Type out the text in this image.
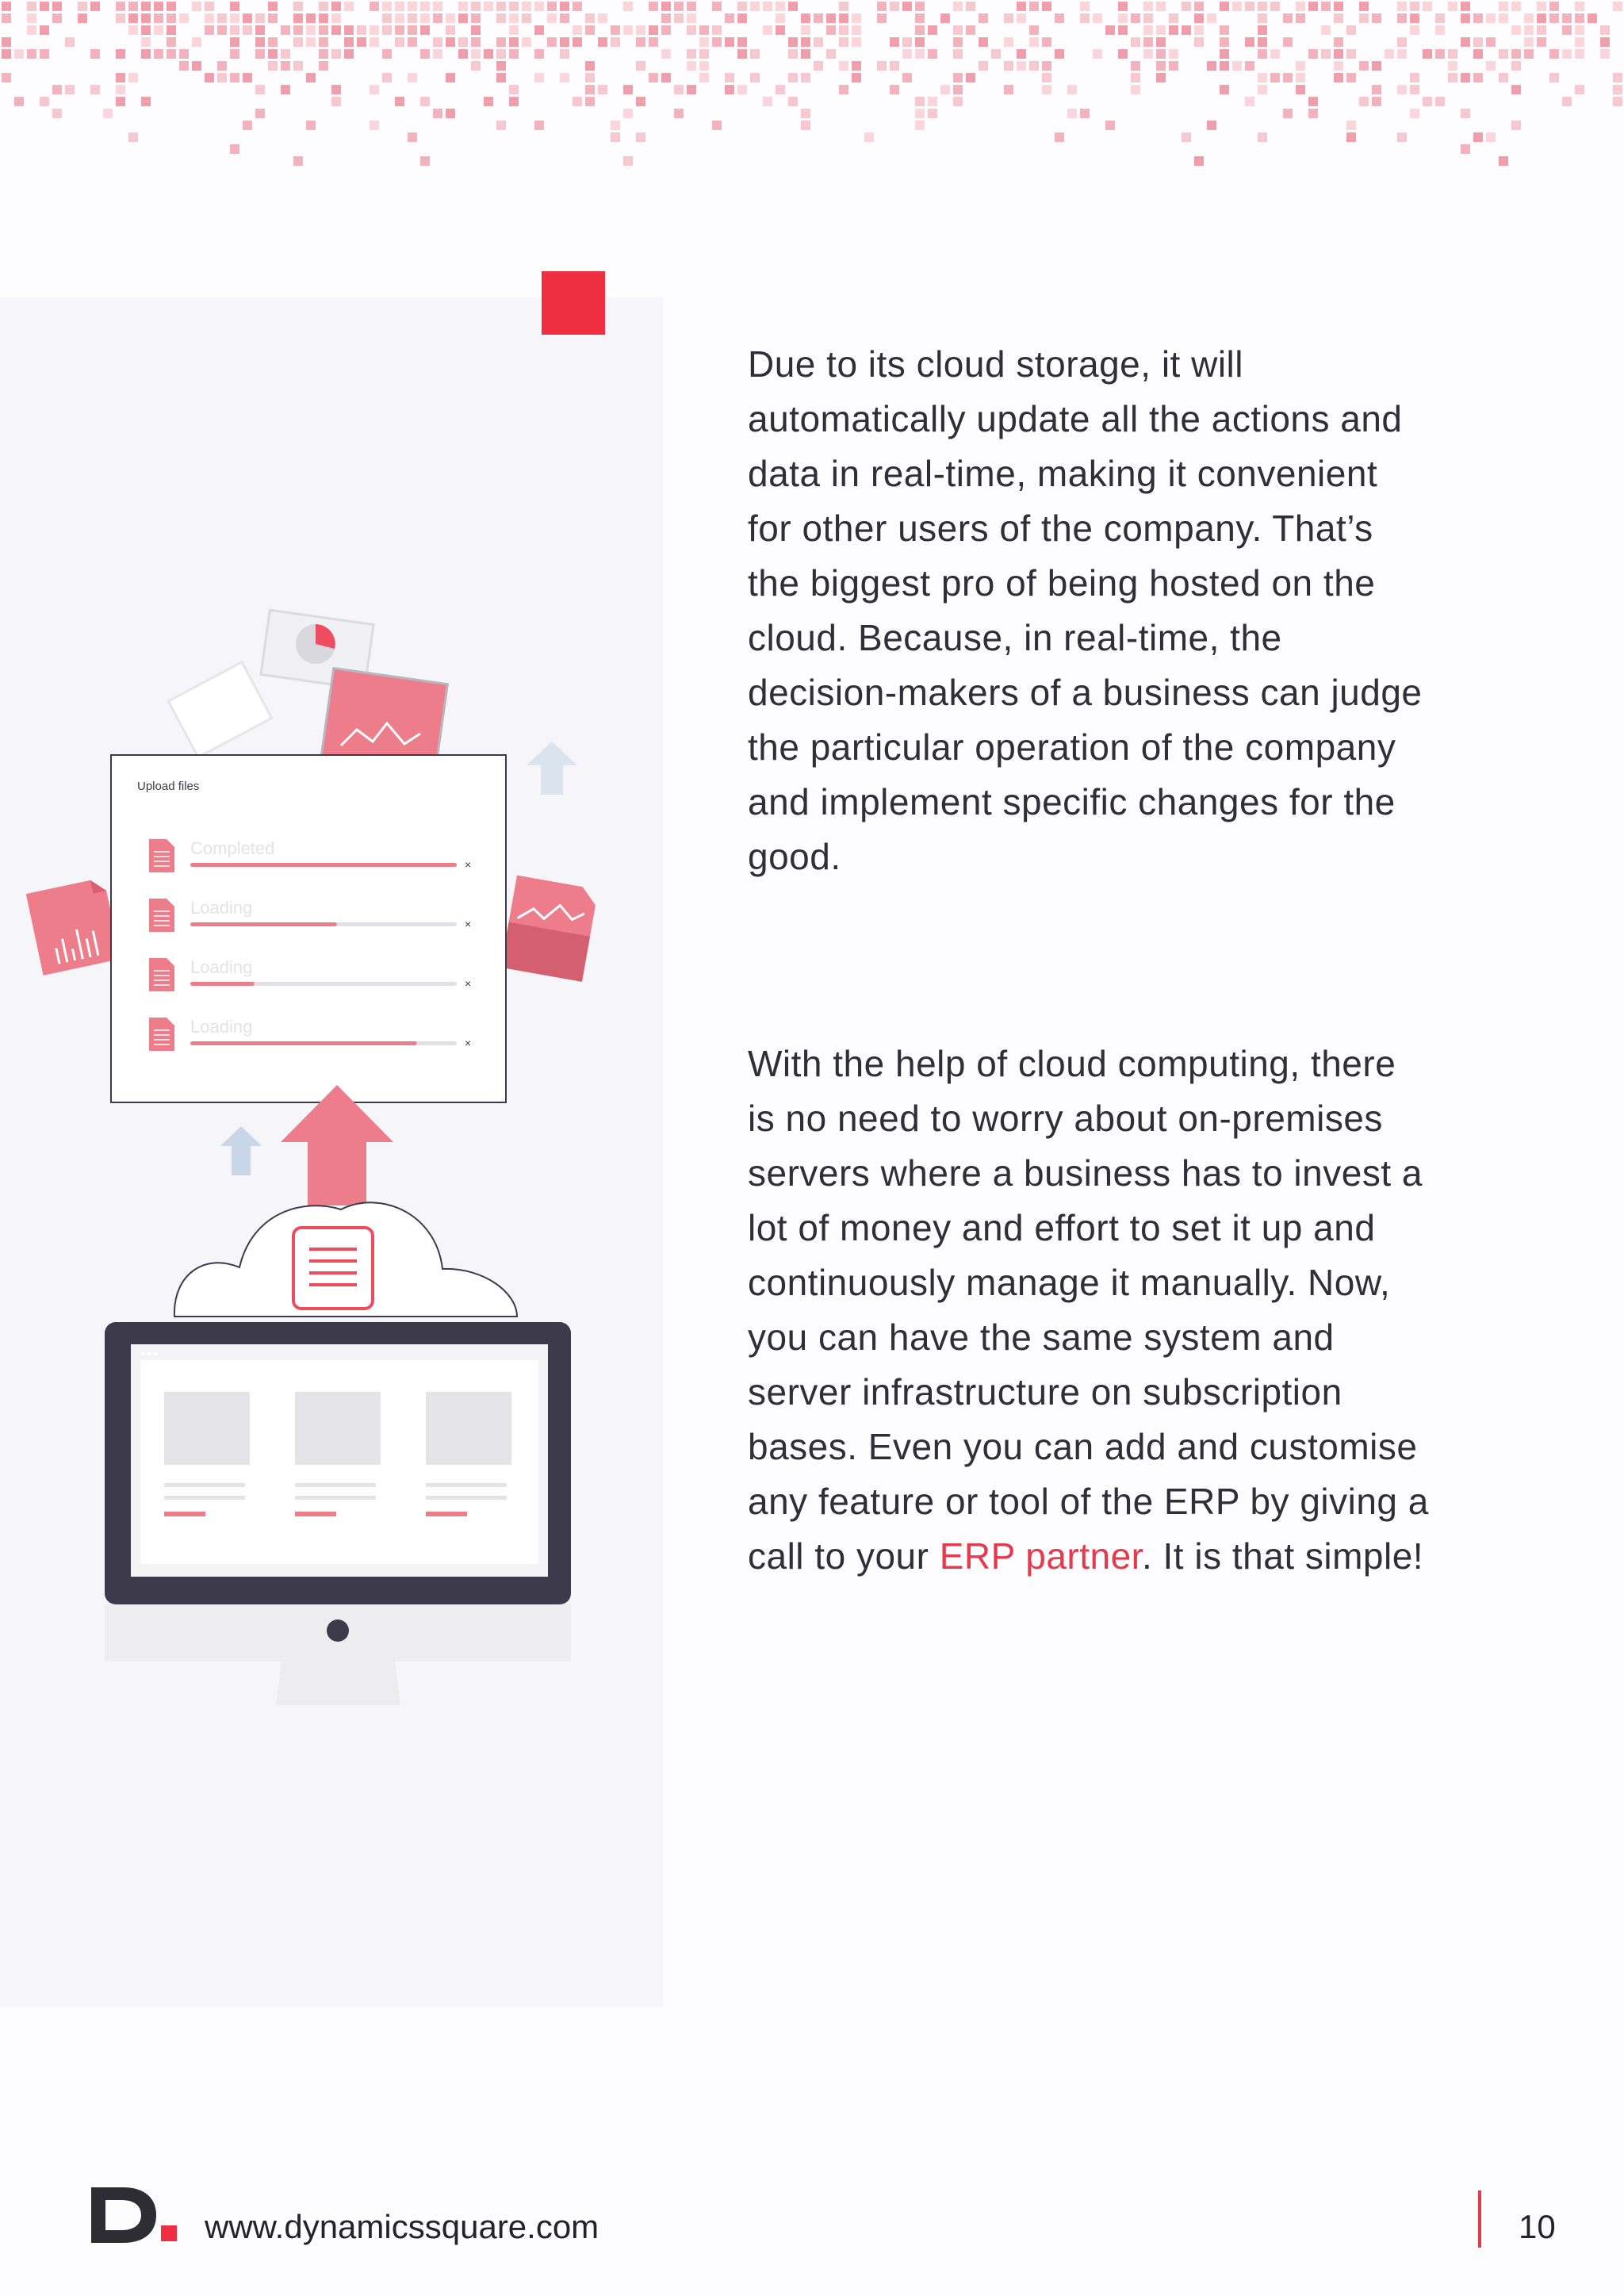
Upload files
Completed
×
Loading
×
Loading
×
Loading
×

Due to its cloud storage, it will automatically update all the actions and data in real-time, making it convenient for other users of the company. That’s the biggest pro of being hosted on the cloud. Because, in real-time, the decision-makers of a business can judge the particular operation of the company and implement specific changes for the good.

With the help of cloud computing, there is no need to worry about on-premises servers where a business has to invest a lot of money and effort to set it up and continuously manage it manually. Now, you can have the same system and server infrastructure on subscription bases. Even you can add and customise any feature or tool of the ERP by giving a call to your ERP partner. It is that simple!

www.dynamicssquare.com	10
